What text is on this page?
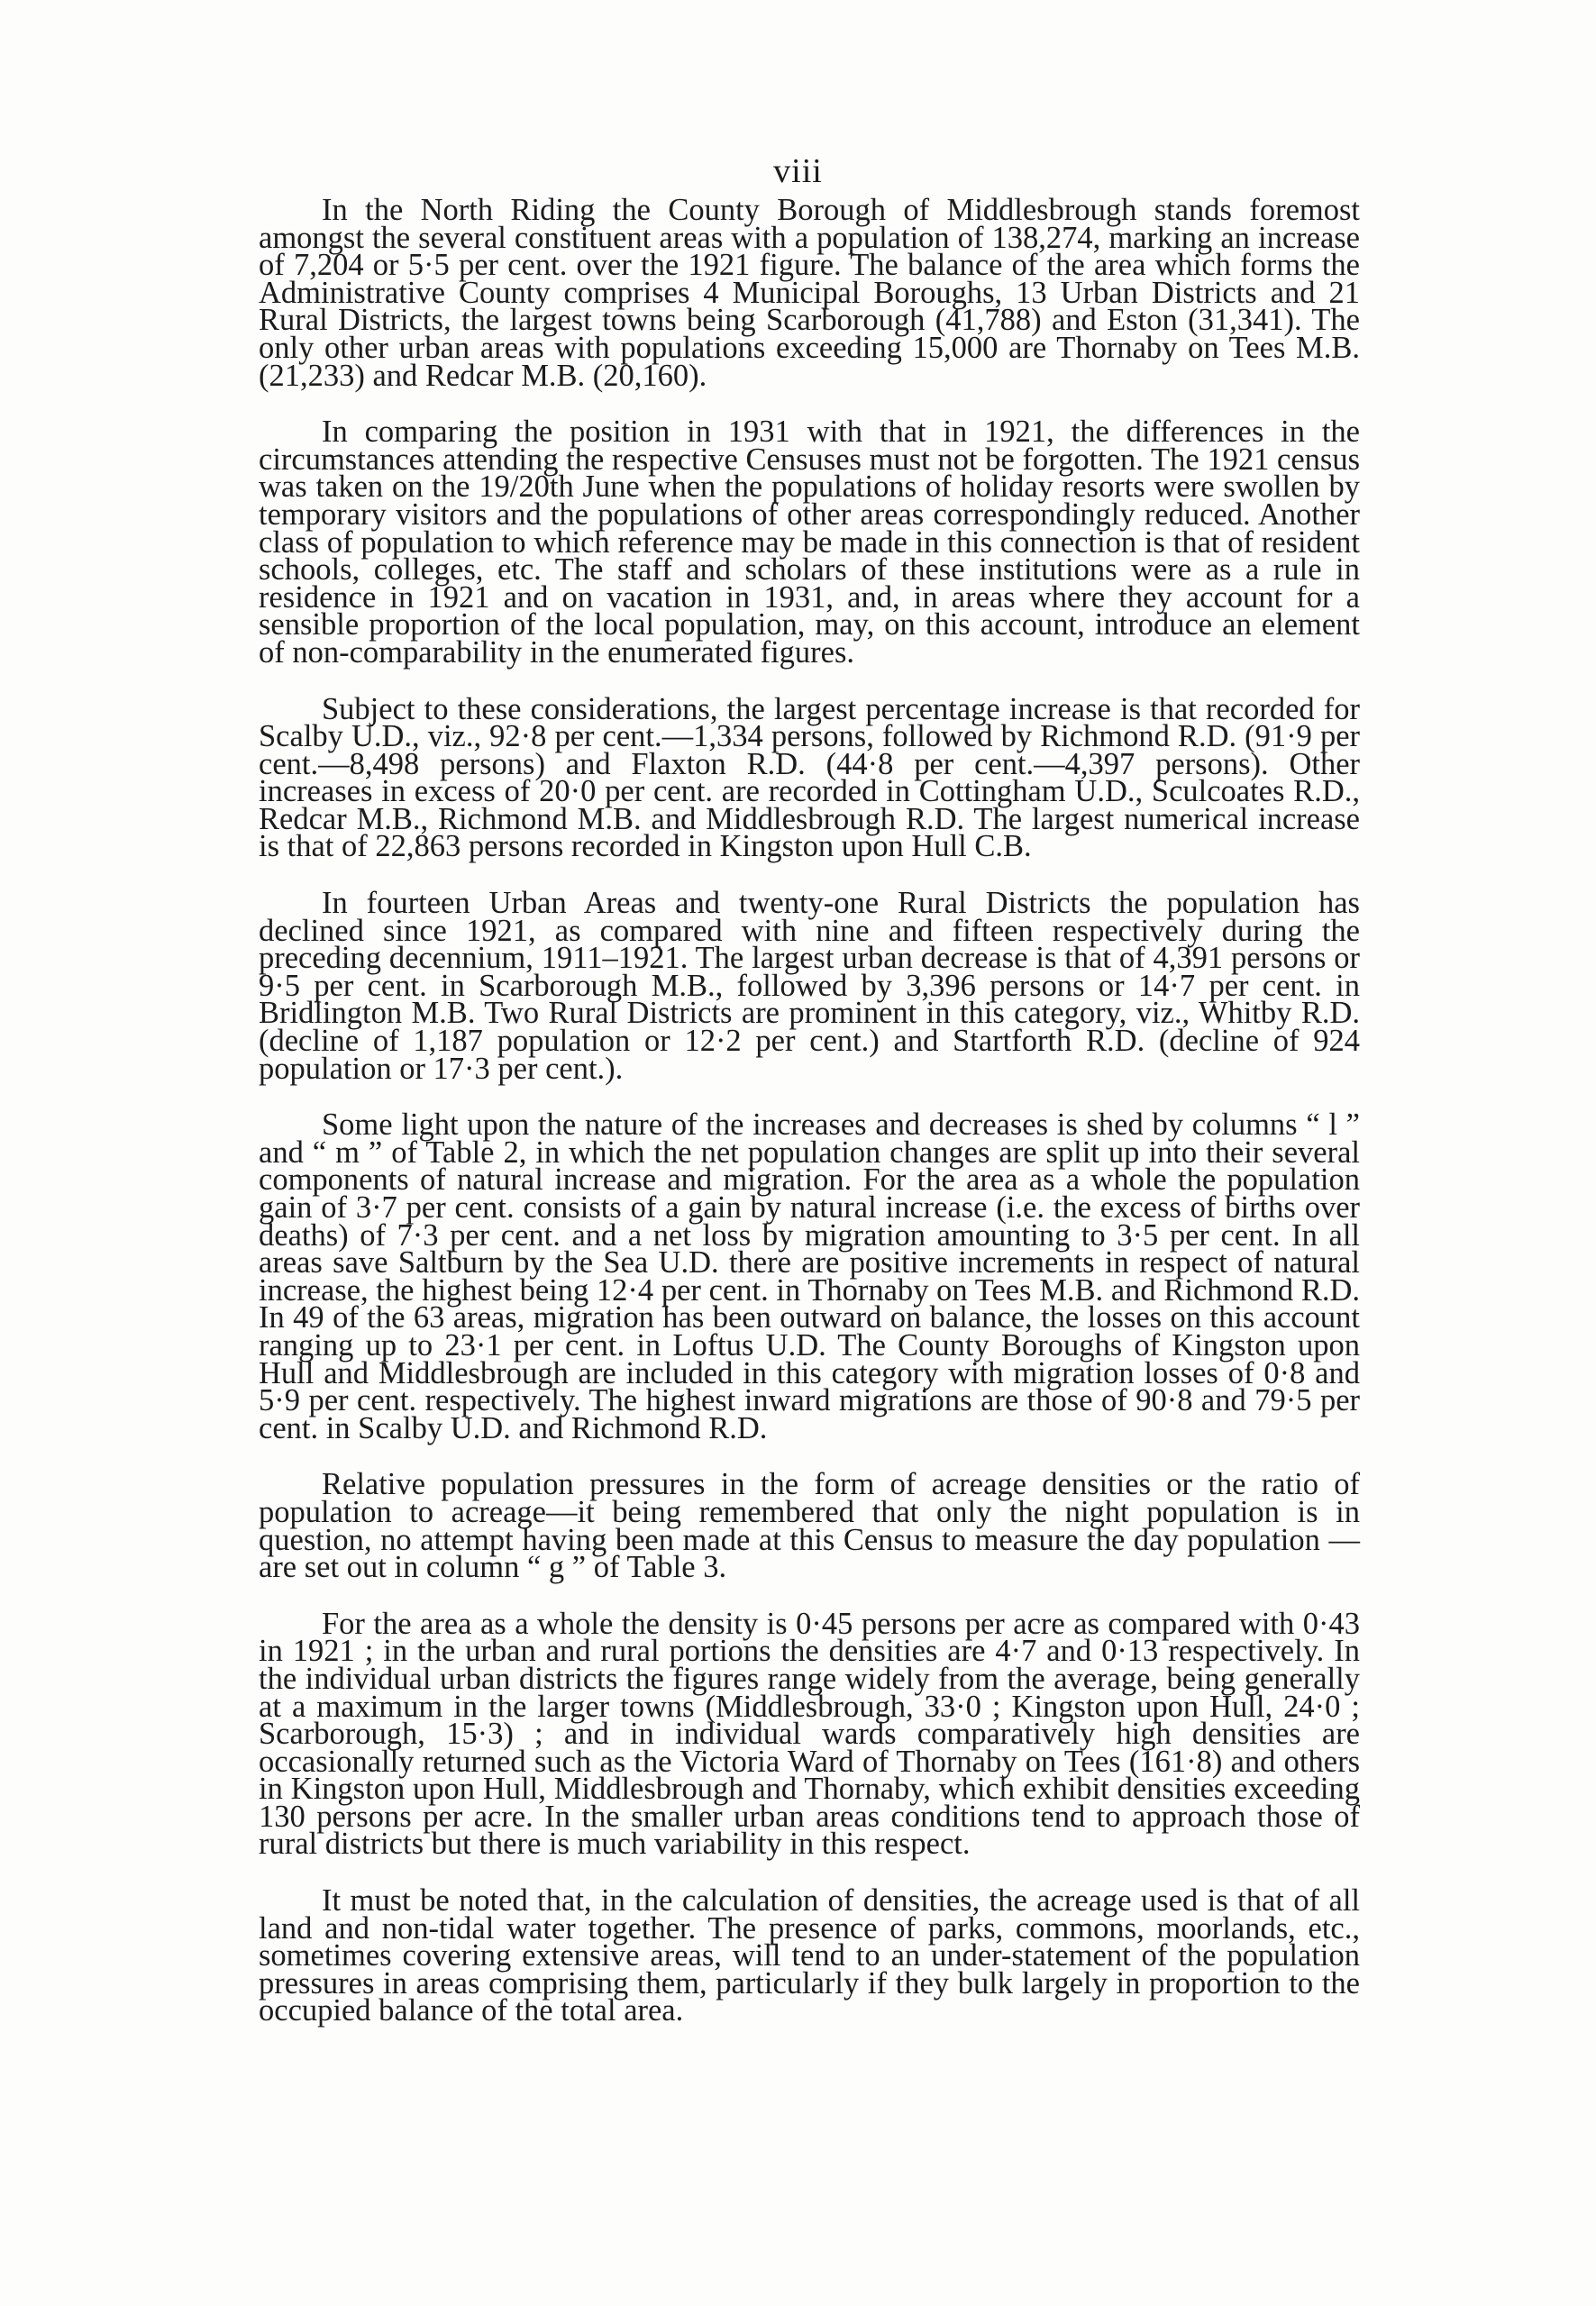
viii

In the North Riding the County Borough of Middlesbrough stands foremost amongst the several constituent areas with a population of 138,274, marking an increase of 7,204 or 5·5 per cent. over the 1921 figure. The balance of the area which forms the Administrative County comprises 4 Municipal Boroughs, 13 Urban Districts and 21 Rural Districts, the largest towns being Scarborough (41,788) and Eston (31,341). The only other urban areas with populations exceeding 15,000 are Thornaby on Tees M.B. (21,233) and Redcar M.B. (20,160).

In comparing the position in 1931 with that in 1921, the differences in the circumstances attending the respective Censuses must not be forgotten. The 1921 census was taken on the 19/20th June when the populations of holiday resorts were swollen by temporary visitors and the populations of other areas correspondingly reduced. Another class of population to which reference may be made in this connection is that of resident schools, colleges, etc. The staff and scholars of these institutions were as a rule in residence in 1921 and on vacation in 1931, and, in areas where they account for a sensible proportion of the local population, may, on this account, introduce an element of non-comparability in the enumerated figures.

Subject to these considerations, the largest percentage increase is that recorded for Scalby U.D., viz., 92·8 per cent.—1,334 persons, followed by Richmond R.D. (91·9 per cent.—8,498 persons) and Flaxton R.D. (44·8 per cent.—4,397 persons). Other increases in excess of 20·0 per cent. are recorded in Cottingham U.D., Sculcoates R.D., Redcar M.B., Richmond M.B. and Middlesbrough R.D. The largest numerical increase is that of 22,863 persons recorded in Kingston upon Hull C.B.

In fourteen Urban Areas and twenty-one Rural Districts the population has declined since 1921, as compared with nine and fifteen respectively during the preceding decennium, 1911–1921. The largest urban decrease is that of 4,391 persons or 9·5 per cent. in Scarborough M.B., followed by 3,396 persons or 14·7 per cent. in Bridlington M.B. Two Rural Districts are prominent in this category, viz., Whitby R.D. (decline of 1,187 population or 12·2 per cent.) and Startforth R.D. (decline of 924 population or 17·3 per cent.).

Some light upon the nature of the increases and decreases is shed by columns “ l ” and “ m ” of Table 2, in which the net population changes are split up into their several components of natural increase and migration. For the area as a whole the population gain of 3·7 per cent. consists of a gain by natural increase (i.e. the excess of births over deaths) of 7·3 per cent. and a net loss by migration amounting to 3·5 per cent. In all areas save Saltburn by the Sea U.D. there are positive increments in respect of natural increase, the highest being 12·4 per cent. in Thornaby on Tees M.B. and Richmond R.D. In 49 of the 63 areas, migration has been outward on balance, the losses on this account ranging up to 23·1 per cent. in Loftus U.D. The County Boroughs of Kingston upon Hull and Middlesbrough are included in this category with migration losses of 0·8 and 5·9 per cent. respectively. The highest inward migrations are those of 90·8 and 79·5 per cent. in Scalby U.D. and Richmond R.D.

Relative population pressures in the form of acreage densities or the ratio of population to acreage—it being remembered that only the night population is in question, no attempt having been made at this Census to measure the day population —are set out in column “ g ” of Table 3.

For the area as a whole the density is 0·45 persons per acre as compared with 0·43 in 1921 ; in the urban and rural portions the densities are 4·7 and 0·13 respectively. In the individual urban districts the figures range widely from the average, being generally at a maximum in the larger towns (Middlesbrough, 33·0 ; Kingston upon Hull, 24·0 ; Scarborough, 15·3) ; and in individual wards comparatively high densities are occasionally returned such as the Victoria Ward of Thornaby on Tees (161·8) and others in Kingston upon Hull, Middlesbrough and Thornaby, which exhibit densities exceeding 130 persons per acre. In the smaller urban areas conditions tend to approach those of rural districts but there is much variability in this respect.

It must be noted that, in the calculation of densities, the acreage used is that of all land and non-tidal water together. The presence of parks, commons, moorlands, etc., sometimes covering extensive areas, will tend to an under-statement of the population pressures in areas comprising them, particularly if they bulk largely in proportion to the occupied balance of the total area.
